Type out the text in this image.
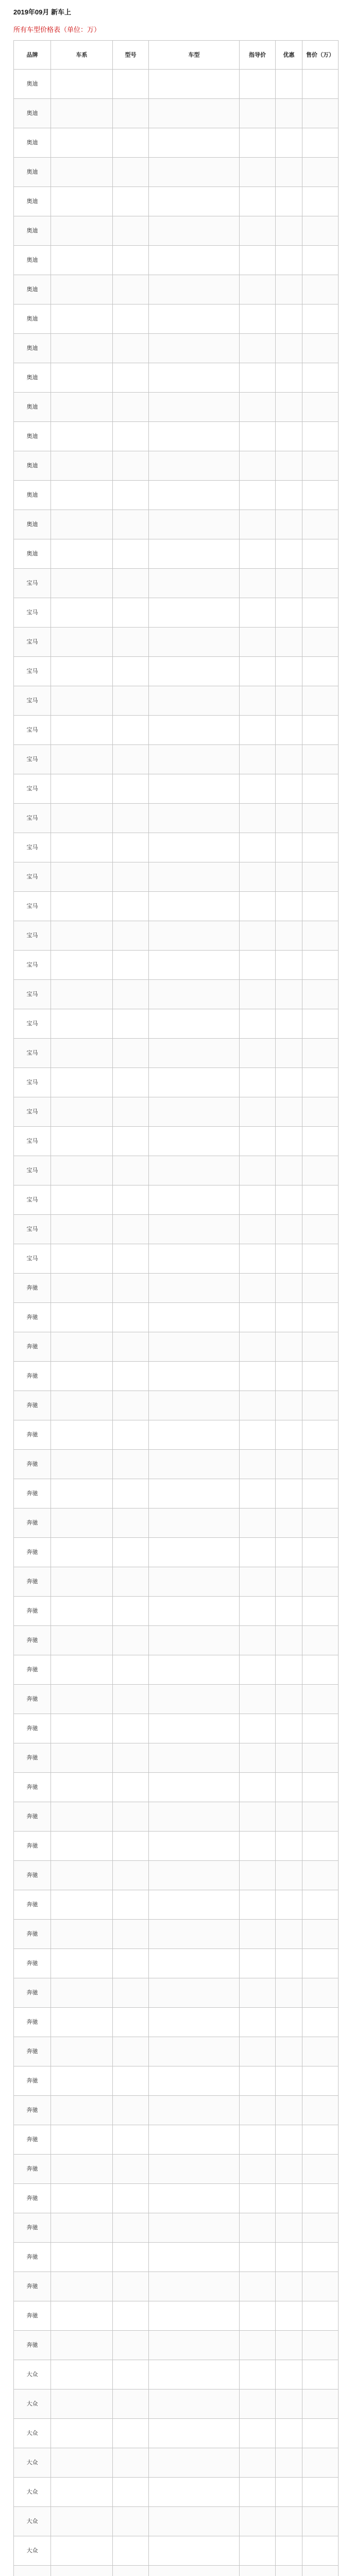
2019年09月 新车上
所有车型价格表（单位：万）
品牌	车系	型号	车型	指导价	优惠	售价（万）
奥迪						
奥迪						
奥迪						
奥迪						
奥迪						
奥迪						
奥迪						
奥迪						
奥迪						
奥迪						
奥迪						
奥迪						
奥迪						
奥迪						
奥迪						
奥迪						
奥迪						
宝马						
宝马						
宝马						
宝马						
宝马						
宝马						
宝马						
宝马						
宝马						
宝马						
宝马						
宝马						
宝马						
宝马						
宝马						
宝马						
宝马						
宝马						
宝马						
宝马						
宝马						
宝马						
宝马						
宝马						
奔驰						
奔驰						
奔驰						
奔驰						
奔驰						
奔驰						
奔驰						
奔驰						
奔驰						
奔驰						
奔驰						
奔驰						
奔驰						
奔驰						
奔驰						
奔驰						
奔驰						
奔驰						
奔驰						
奔驰						
奔驰						
奔驰						
奔驰						
奔驰						
奔驰						
奔驰						
奔驰						
奔驰						
奔驰						
奔驰						
奔驰						
奔驰						
奔驰						
奔驰						
奔驰						
奔驰						
奔驰						
大众						
大众						
大众						
大众						
大众						
大众						
大众						
